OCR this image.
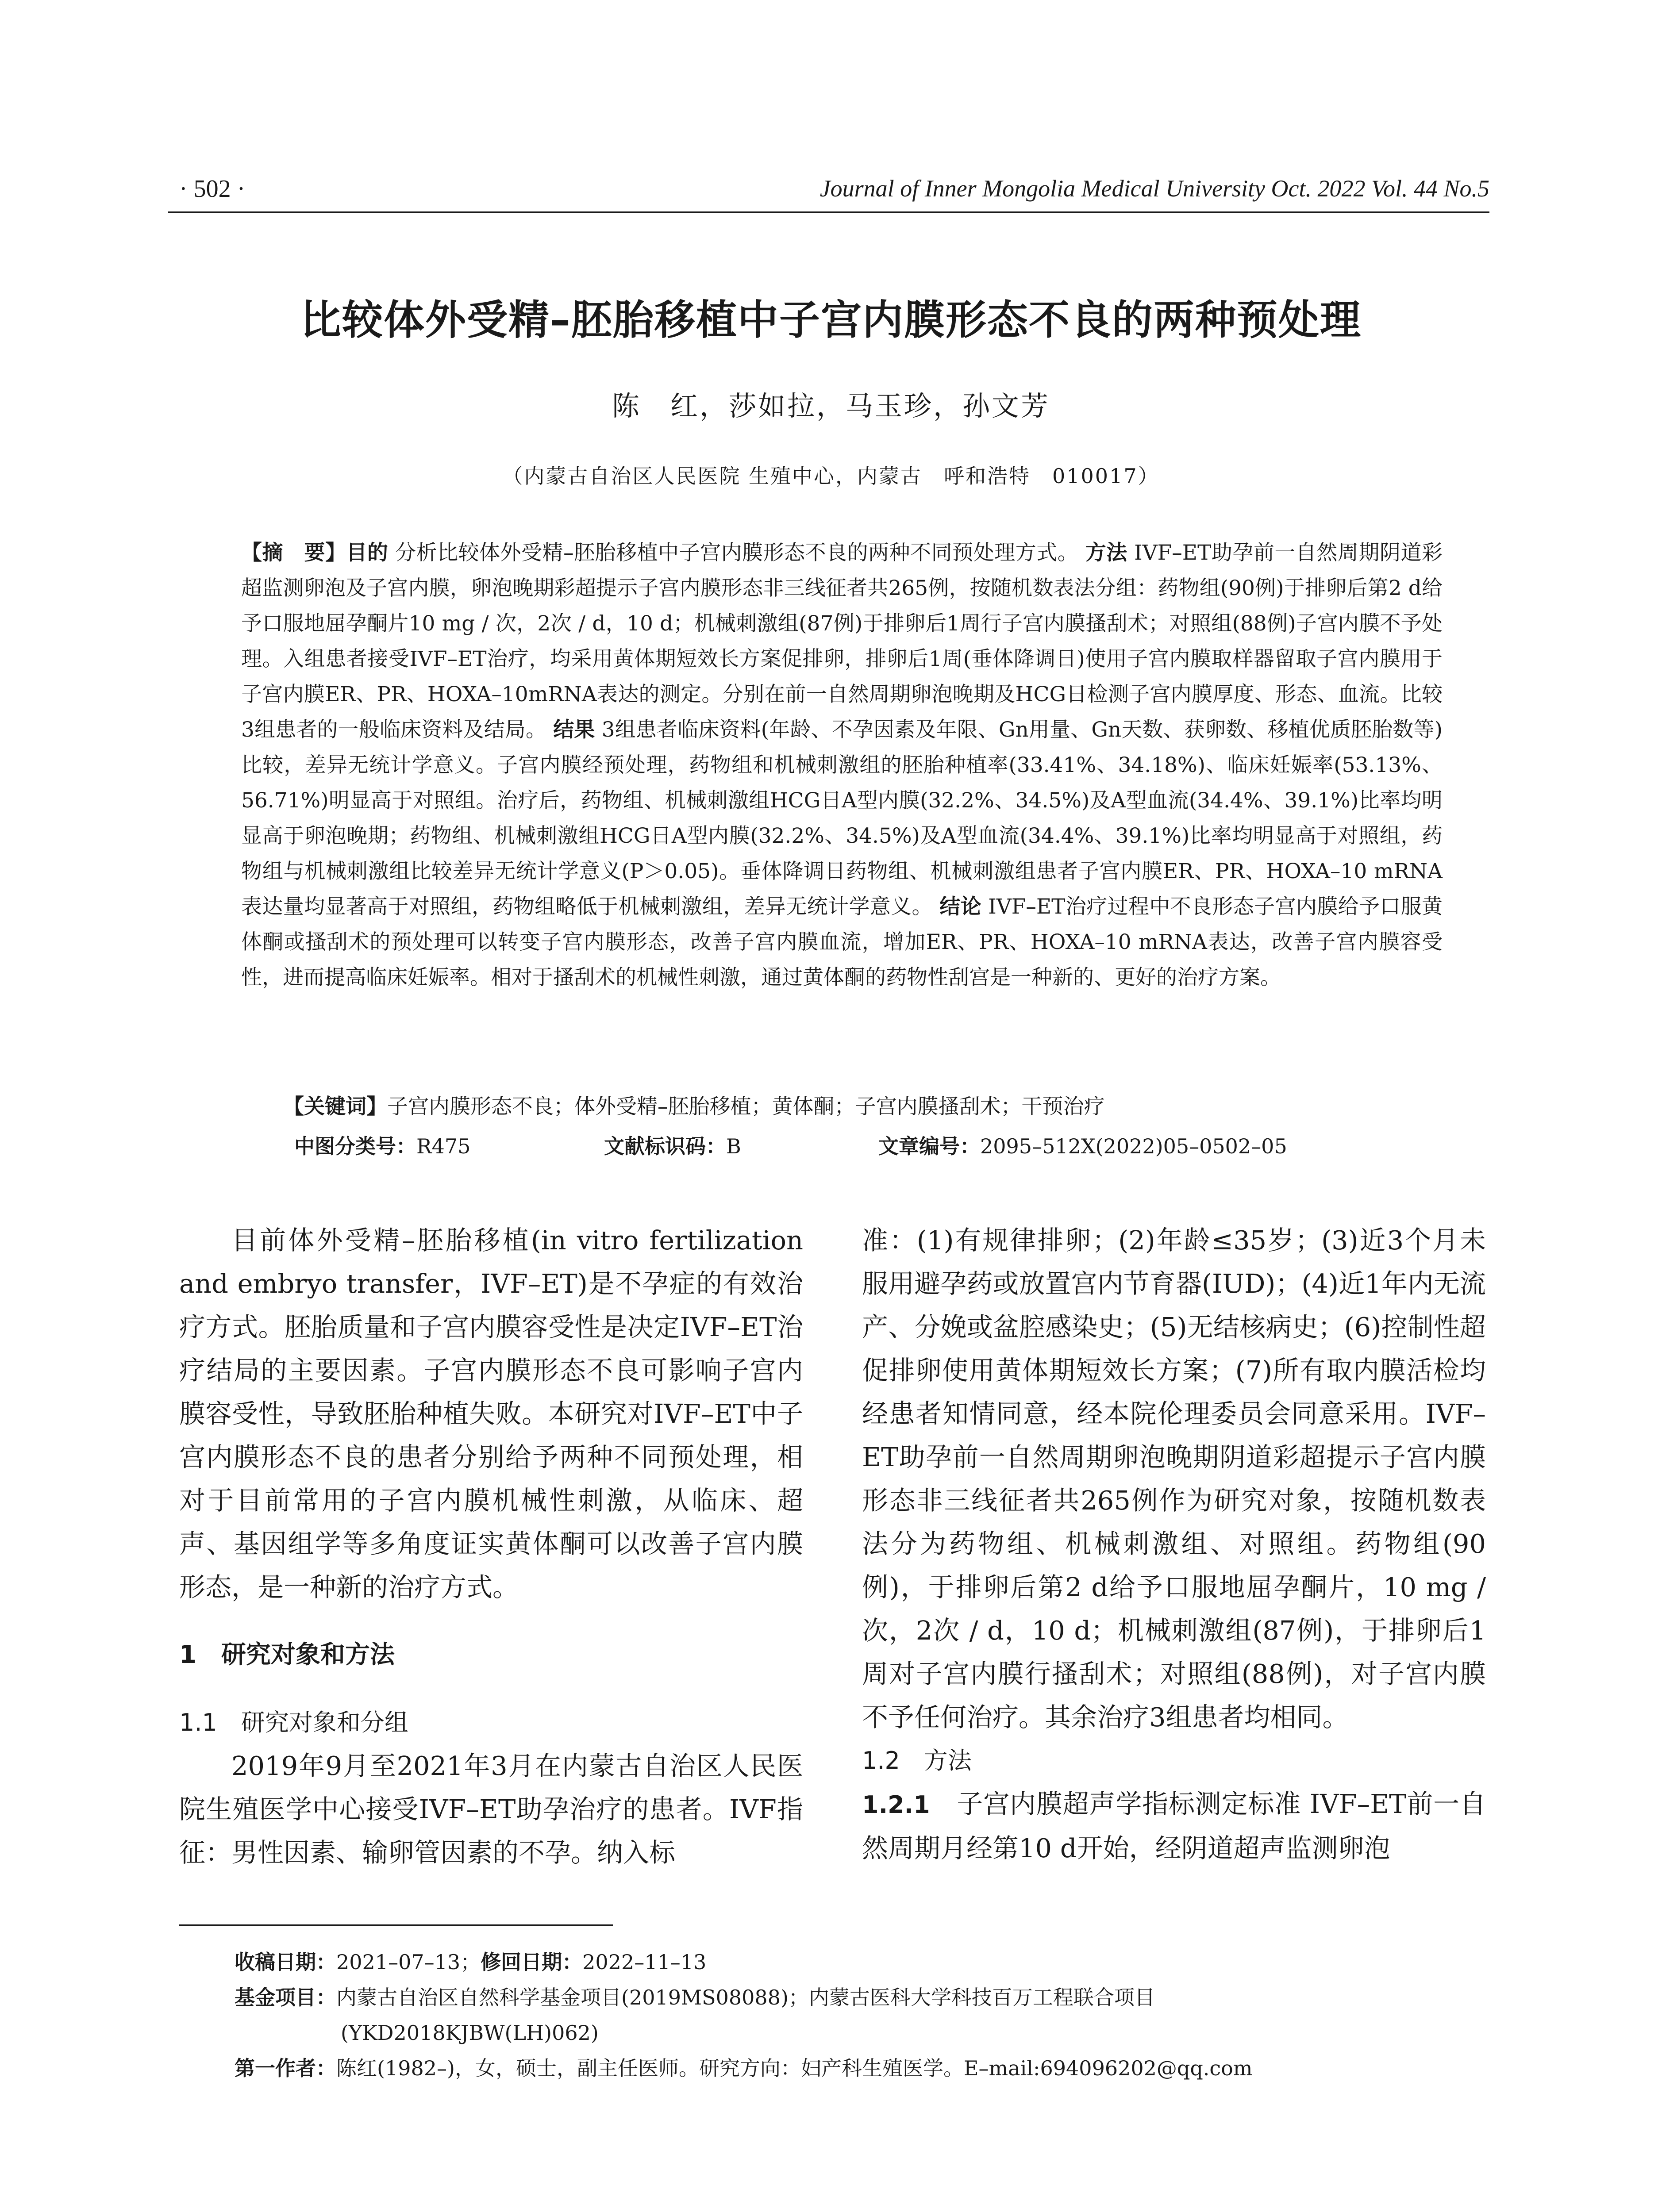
· 502 ·	Journal of Inner Mongolia Medical University Oct. 2022 Vol. 44 No.5
比较体外受精–胚胎移植中子宫内膜形态不良的两种预处理
陈　红，莎如拉，马玉珍，孙文芳
（内蒙古自治区人民医院 生殖中心，内蒙古　呼和浩特　010017）
【摘　要】目的 分析比较体外受精–胚胎移植中子宫内膜形态不良的两种不同预处理方式。 方法 IVF–ET助孕前一自然周期阴道彩超监测卵泡及子宫内膜，卵泡晚期彩超提示子宫内膜形态非三线征者共265例，按随机数表法分组：药物组(90例)于排卵后第2 d给予口服地屈孕酮片10 mg / 次，2次 / d，10 d；机械刺激组(87例)于排卵后1周行子宫内膜搔刮术；对照组(88例)子宫内膜不予处理。入组患者接受IVF–ET治疗，均采用黄体期短效长方案促排卵，排卵后1周(垂体降调日)使用子宫内膜取样器留取子宫内膜用于子宫内膜ER、PR、HOXA–10mRNA表达的测定。分别在前一自然周期卵泡晚期及HCG日检测子宫内膜厚度、形态、血流。比较3组患者的一般临床资料及结局。 结果 3组患者临床资料(年龄、不孕因素及年限、Gn用量、Gn天数、获卵数、移植优质胚胎数等)比较，差异无统计学意义。子宫内膜经预处理，药物组和机械刺激组的胚胎种植率(33.41%、34.18%)、临床妊娠率(53.13%、56.71%)明显高于对照组。治疗后，药物组、机械刺激组HCG日A型内膜(32.2%、34.5%)及A型血流(34.4%、39.1%)比率均明显高于卵泡晚期；药物组、机械刺激组HCG日A型内膜(32.2%、34.5%)及A型血流(34.4%、39.1%)比率均明显高于对照组，药物组与机械刺激组比较差异无统计学意义(P＞0.05)。垂体降调日药物组、机械刺激组患者子宫内膜ER、PR、HOXA–10 mRNA表达量均显著高于对照组，药物组略低于机械刺激组，差异无统计学意义。 结论 IVF–ET治疗过程中不良形态子宫内膜给予口服黄体酮或搔刮术的预处理可以转变子宫内膜形态，改善子宫内膜血流，增加ER、PR、HOXA–10 mRNA表达，改善子宫内膜容受性，进而提高临床妊娠率。相对于搔刮术的机械性刺激，通过黄体酮的药物性刮宫是一种新的、更好的治疗方案。
【关键词】子宫内膜形态不良；体外受精–胚胎移植；黄体酮；子宫内膜搔刮术；干预治疗
中图分类号：R475	文献标识码：B	文章编号：2095–512X(2022)05–0502–05

目前体外受精–胚胎移植(in vitro fertilization and embryo transfer，IVF–ET)是不孕症的有效治疗方式。胚胎质量和子宫内膜容受性是决定IVF–ET治疗结局的主要因素。子宫内膜形态不良可影响子宫内膜容受性，导致胚胎种植失败。本研究对IVF–ET中子宫内膜形态不良的患者分别给予两种不同预处理，相对于目前常用的子宫内膜机械性刺激，从临床、超声、基因组学等多角度证实黄体酮可以改善子宫内膜形态，是一种新的治疗方式。

1　研究对象和方法

1.1　研究对象和分组

2019年9月至2021年3月在内蒙古自治区人民医院生殖医学中心接受IVF–ET助孕治疗的患者。IVF指征：男性因素、输卵管因素的不孕。纳入标

准：(1)有规律排卵；(2)年龄≤35岁；(3)近3个月未服用避孕药或放置宫内节育器(IUD)；(4)近1年内无流产、分娩或盆腔感染史；(5)无结核病史；(6)控制性超促排卵使用黄体期短效长方案；(7)所有取内膜活检均经患者知情同意，经本院伦理委员会同意采用。IVF–ET助孕前一自然周期卵泡晚期阴道彩超提示子宫内膜形态非三线征者共265例作为研究对象，按随机数表法分为药物组、机械刺激组、对照组。药物组(90例)，于排卵后第2 d给予口服地屈孕酮片，10 mg / 次，2次 / d，10 d；机械刺激组(87例)，于排卵后1周对子宫内膜行搔刮术；对照组(88例)，对子宫内膜不予任何治疗。其余治疗3组患者均相同。

1.2　方法

1.2.1　子宫内膜超声学指标测定标准 IVF–ET前一自然周期月经第10 d开始，经阴道超声监测卵泡

收稿日期：2021–07–13；修回日期：2022–11–13

基金项目：内蒙古自治区自然科学基金项目(2019MS08088)；内蒙古医科大学科技百万工程联合项目

(YKD2018KJBW(LH)062)

第一作者：陈红(1982–)，女，硕士，副主任医师。研究方向：妇产科生殖医学。E–mail:694096202@qq.com
